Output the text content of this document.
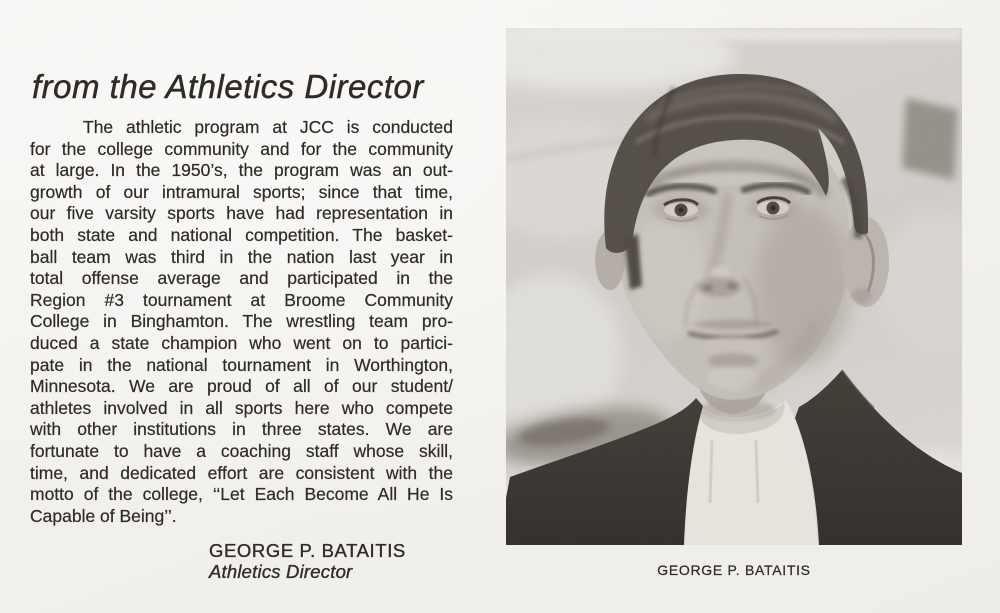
from the Athletics Director
The athletic program at JCC is conducted
for the college community and for the community
at large. In the 1950’s, the program was an out-
growth of our intramural sports; since that time,
our five varsity sports have had representation in
both state and national competition. The basket-
ball team was third in the nation last year in
total offense average and participated in the
Region #3 tournament at Broome Community
College in Binghamton. The wrestling team pro-
duced a state champion who went on to partici-
pate in the national tournament in Worthington,
Minnesota. We are proud of all of our student/
athletes involved in all sports here who compete
with other institutions in three states. We are
fortunate to have a coaching staff whose skill,
time, and dedicated effort are consistent with the
motto of the college, ‘‘Let Each Become All He Is
Capable of Being’’.
GEORGE P. BATAITIS
Athletics Director	GEORGE P. BATAITIS
